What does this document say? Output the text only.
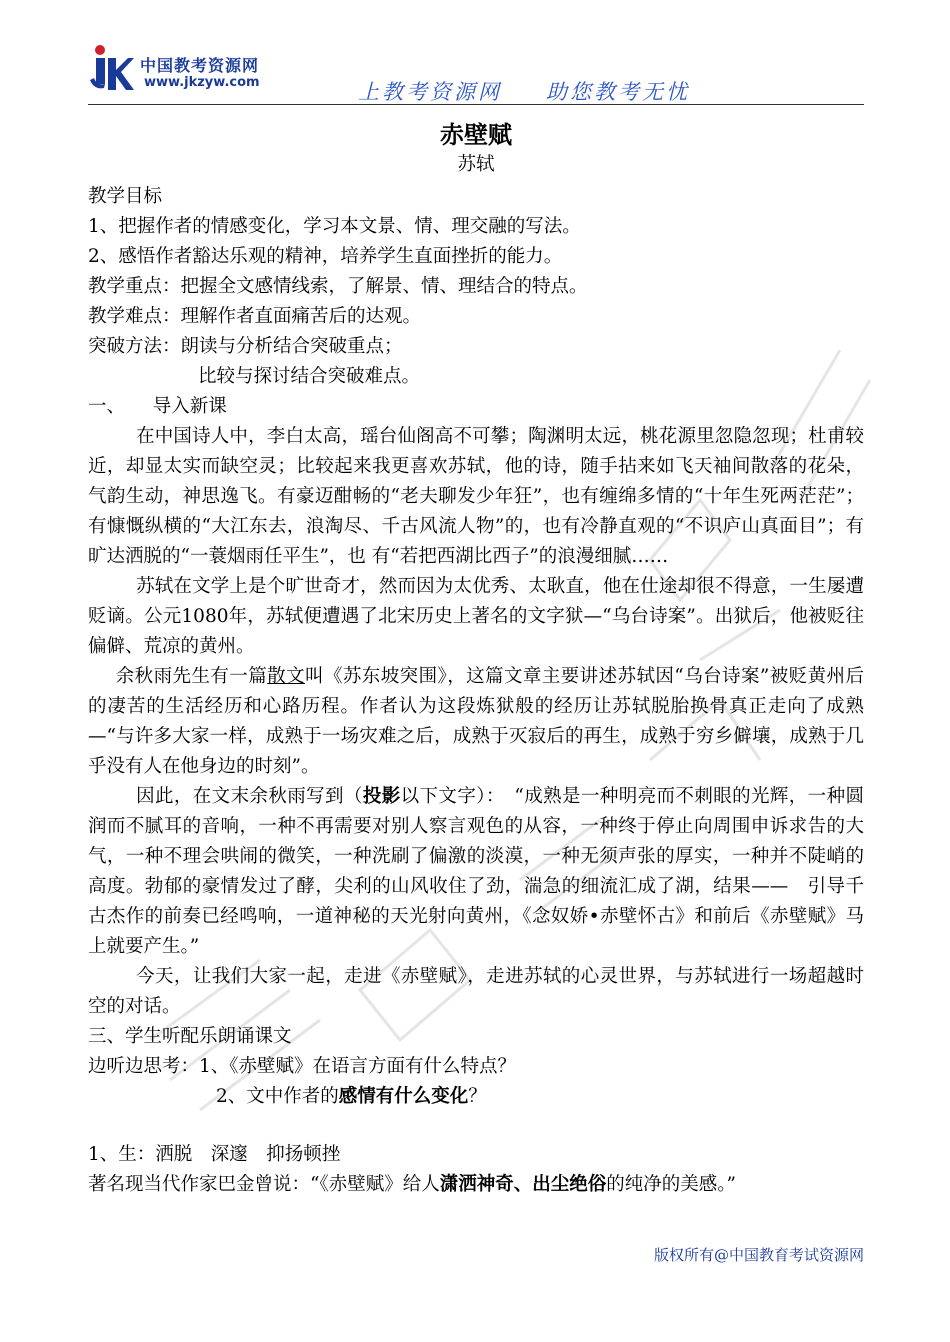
中国教考资源网
www.jkzyw.com	上教考资源网 助您教考无忧
赤壁赋
苏轼
教学目标
1、把握作者的情感变化，学习本文景、情、理交融的写法。
2、感悟作者豁达乐观的精神，培养学生直面挫折的能力。
教学重点：把握全文感情线索，了解景、情、理结合的特点。
教学难点：理解作者直面痛苦后的达观。
突破方法：朗读与分析结合突破重点；
比较与探讨结合突破难点。
一、　　导入新课

在中国诗人中，李白太高，瑶台仙阁高不可攀；陶渊明太远，桃花源里忽隐忽现；杜甫较近，却显太实而缺空灵；比较起来我更喜欢苏轼，他的诗，随手拈来如飞天袖间散落的花朵，气韵生动，神思逸飞。有豪迈酣畅的“老夫聊发少年狂”，也有缠绵多情的“十年生死两茫茫”；有慷慨纵横的“大江东去，浪淘尽、千古风流人物”的，也有冷静直观的“不识庐山真面目”；有旷达洒脱的“一蓑烟雨任平生”，也 有“若把西湖比西子”的浪漫细腻……

苏轼在文学上是个旷世奇才，然而因为太优秀、太耿直，他在仕途却很不得意，一生屡遭贬谪。公元1080年，苏轼便遭遇了北宋历史上著名的文字狱—“乌台诗案”。出狱后，他被贬往偏僻、荒凉的黄州。

余秋雨先生有一篇散文叫《苏东坡突围》，这篇文章主要讲述苏轼因“乌台诗案”被贬黄州后的凄苦的生活经历和心路历程。作者认为这段炼狱般的经历让苏轼脱胎换骨真正走向了成熟—“与许多大家一样，成熟于一场灾难之后，成熟于灭寂后的再生，成熟于穷乡僻壤，成熟于几乎没有人在他身边的时刻”。

因此，在文末余秋雨写到（投影以下文字）：　“成熟是一种明亮而不刺眼的光辉，一种圆润而不腻耳的音响，一种不再需要对别人察言观色的从容，一种终于停止向周围申诉求告的大气，一种不理会哄闹的微笑，一种洗刷了偏激的淡漠，一种无须声张的厚实，一种并不陡峭的高度。勃郁的豪情发过了酵，尖利的山风收住了劲，湍急的细流汇成了湖，结果——　引导千古杰作的前奏已经鸣响，一道神秘的天光射向黄州，《念奴娇•赤壁怀古》和前后《赤壁赋》马上就要产生。”

今天，让我们大家一起，走进《赤壁赋》，走进苏轼的心灵世界，与苏轼进行一场超越时空的对话。

三、学生听配乐朗诵课文
边听边思考：1、《赤壁赋》在语言方面有什么特点？
2、文中作者的感情有什么变化？
1、生：洒脱　深邃　抑扬顿挫
著名现当代作家巴金曾说：“《赤壁赋》给人潇洒神奇、出尘绝俗的纯净的美感。”
版权所有@中国教育考试资源网
